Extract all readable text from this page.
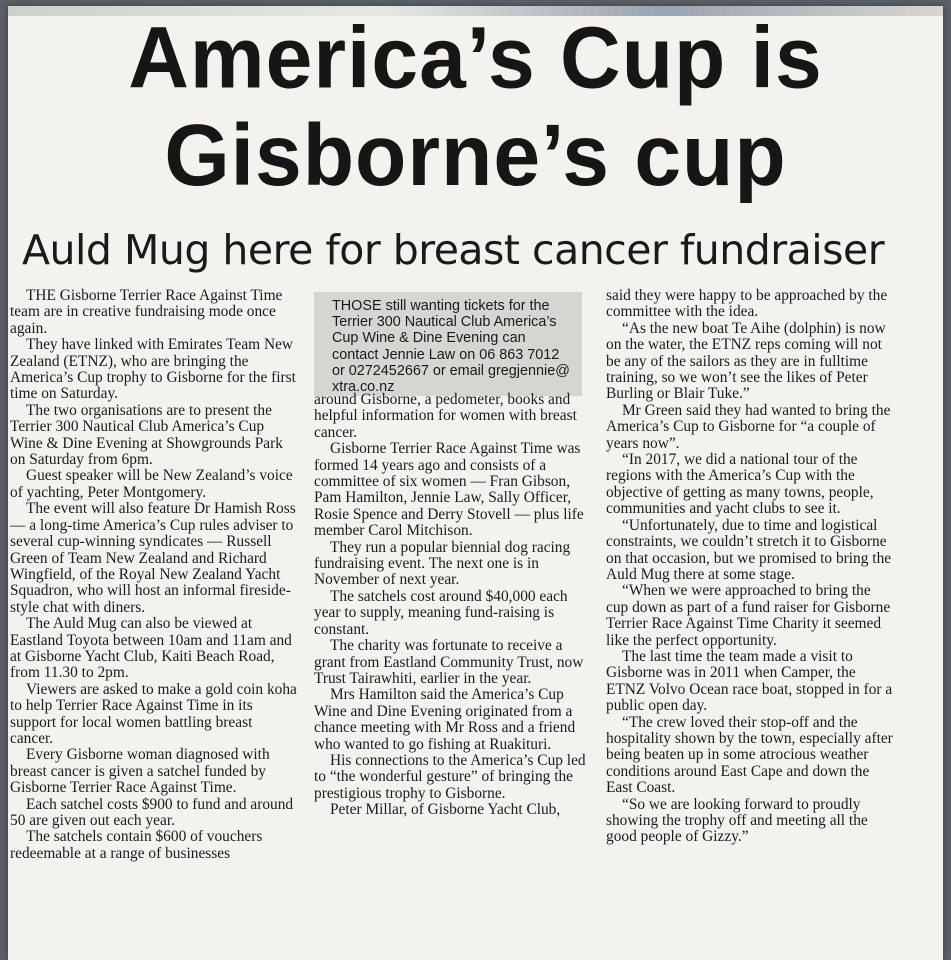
America’s Cup is
Gisborne’s cup
Auld Mug here for breast cancer fundraiser

THE Gisborne Terrier Race Against Time team are in creative fundraising mode once again.

They have linked with Emirates Team New Zealand (ETNZ), who are bringing the America’s Cup trophy to Gisborne for the first time on Saturday.

The two organisations are to present the Terrier 300 Nautical Club America’s Cup Wine & Dine Evening at Showgrounds Park on Saturday from 6pm.

Guest speaker will be New Zealand’s voice of yachting, Peter Montgomery.

The event will also feature Dr Hamish Ross — a long-time America’s Cup rules adviser to several cup-winning syndicates — Russell Green of Team New Zealand and Richard Wingfield, of the Royal New Zealand Yacht Squadron, who will host an informal fireside-style chat with diners.

The Auld Mug can also be viewed at Eastland Toyota between 10am and 11am and at Gisborne Yacht Club, Kaiti Beach Road, from 11.30 to 2pm.

Viewers are asked to make a gold coin koha to help Terrier Race Against Time in its support for local women battling breast cancer.

Every Gisborne woman diagnosed with breast cancer is given a satchel funded by Gisborne Terrier Race Against Time.

Each satchel costs $900 to fund and around 50 are given out each year.

The satchels contain $600 of vouchers redeemable at a range of businesses

THOSE still wanting tickets for the Terrier 300 Nautical Club America’s Cup Wine & Dine Evening can contact Jennie Law on 06 863 7012 or 0272452667 or email gregjennie@ xtra.co.nz

around Gisborne, a pedometer, books and helpful information for women with breast cancer.

Gisborne Terrier Race Against Time was formed 14 years ago and consists of a committee of six women — Fran Gibson, Pam Hamilton, Jennie Law, Sally Officer, Rosie Spence and Derry Stovell — plus life member Carol Mitchison.

They run a popular biennial dog racing fundraising event. The next one is in November of next year.

The satchels cost around $40,000 each year to supply, meaning fund-raising is constant.

The charity was fortunate to receive a grant from Eastland Community Trust, now Trust Tairawhiti, earlier in the year.

Mrs Hamilton said the America’s Cup Wine and Dine Evening originated from a chance meeting with Mr Ross and a friend who wanted to go fishing at Ruakituri.

His connections to the America’s Cup led to “the wonderful gesture” of bringing the prestigious trophy to Gisborne.

Peter Millar, of Gisborne Yacht Club,

said they were happy to be approached by the committee with the idea.

“As the new boat Te Aihe (dolphin) is now on the water, the ETNZ reps coming will not be any of the sailors as they are in fulltime training, so we won’t see the likes of Peter Burling or Blair Tuke.”

Mr Green said they had wanted to bring the America’s Cup to Gisborne for “a couple of years now”.

“In 2017, we did a national tour of the regions with the America’s Cup with the objective of getting as many towns, people, communities and yacht clubs to see it.

“Unfortunately, due to time and logistical constraints, we couldn’t stretch it to Gisborne on that occasion, but we promised to bring the Auld Mug there at some stage.

“When we were approached to bring the cup down as part of a fund raiser for Gisborne Terrier Race Against Time Charity it seemed like the perfect opportunity.

The last time the team made a visit to Gisborne was in 2011 when Camper, the ETNZ Volvo Ocean race boat, stopped in for a public open day.

“The crew loved their stop-off and the hospitality shown by the town, especially after being beaten up in some atrocious weather conditions around East Cape and down the East Coast.

“So we are looking forward to proudly showing the trophy off and meeting all the good people of Gizzy.”
